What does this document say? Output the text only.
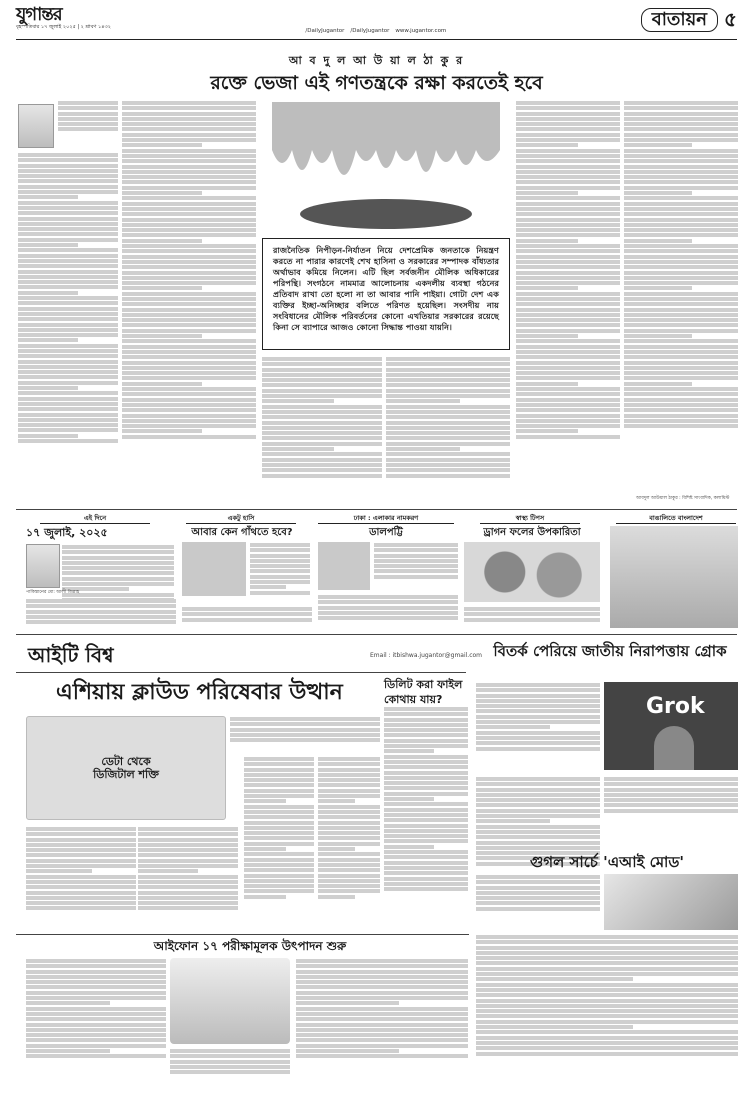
যুগান্তর
বৃহস্পতিবার ১৭ জুলাই ২০২৫ | ২ শ্রাবণ ১৪৩২
/DailyJugantor /DailyJugantor www.jugantor.com
বাতায়ন ৫
আ ব দু ল আ উ য়া ল ঠা কু র
রক্তে ভেজা এই গণতন্ত্রকে রক্ষা করতেই হবে
রাজনৈতিক নিপীড়ন-নির্যাতন নিয়ে দেশপ্রেমিক জনতাকে নিয়ন্ত্রণ করতে না পারার কারণেই শেখ হাসিনা ও সরকারের সম্পাদক বাঁধ্যতার অর্থাভাব কমিয়ে নিলেন। এটি ছিল সর্বজনীন মৌলিক অধিকারের পরিপন্থি। সংগঠনে নামমাত্র আলোচনায় একদলীয় ব্যবস্থা গঠনের প্রতিবাদ রাখা তো হলো না তা আবার পানি পাইয়া। গোটা দেশ এক ব্যক্তির ইচ্ছা-অনিচ্ছার বলিতে পরিণত হয়েছিল। সংসদীয় নায় সংবিধানের মৌলিক পরিবর্তনের কোনো এখতিয়ার সরকারের রয়েছে কিনা সে ব্যাপারে আজও কোনো সিদ্ধান্ত পাওয়া যায়নি।
আবদুল আউয়াল ঠাকুর : বিশিষ্ট সাংবাদিক, কলামিস্ট
এই দিনে	একটু হাসি	ঢাকা : এলাকার নামকরণ	স্বাস্থ্য টিপস	বাঙালিতে বাংলাদেশ
১৭ জুলাই, ২০২৫
পাকিস্তানের মো: আলী জিন্নাহ
আবার কেন গাঁথতে হবে?	ডালপট্টি	ড্রাগন ফলের উপকারিতা
আইটি বিশ্ব	Email : itbishwa.jugantor@gmail.com
এশিয়ায় ক্লাউড পরিষেবার উত্থান
ডেটা থেকে ডিজিটাল শক্তি
ডিলিট করা ফাইল কোথায় যায়?
বিতর্ক পেরিয়ে জাতীয় নিরাপত্তায় গ্রোক
Grok
গুগল সার্চে 'এআই মোড'
আইফোন ১৭ পরীক্ষামূলক উৎপাদন শুরু
